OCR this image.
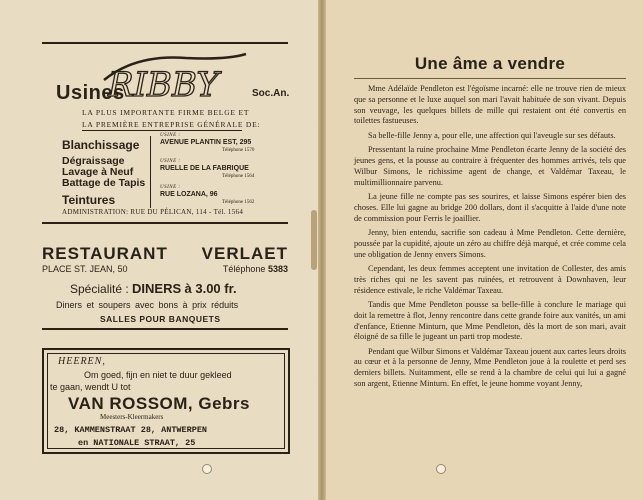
Usines
RIBBY	Soc.An.
LA PLUS IMPORTANTE FIRME BELGE ET
LA PREMIÈRE ENTREPRISE GÉNÉRALE DE:
Blanchissage
Dégraissage
Lavage à Neuf
Battage de Tapis
Teintures
USINE :
AVENUE PLANTIN EST, 295
Téléphone 1570
USINE :
RUELLE DE LA FABRIQUE
Téléphone 1564
USINE :
RUE LOZANA, 96
Téléphone 1562
ADMINISTRATION: RUE DU PÉLICAN, 114 - Tél. 1564
RESTAURANT VERLAET
PLACE ST. JEAN, 50	Téléphone 5383
Spécialité : DINERS à 3.00 fr.
Diners et soupers avec bons à prix réduits
SALLES POUR BANQUETS
HEEREN,
Om goed, fijn en niet te duur gekleed
te gaan, wendt U tot
VAN ROSSOM, Gebrs
Meesters-Kleermakers
28, KAMMENSTRAAT 28, ANTWERPEN
en NATIONALE STRAAT, 25
Une âme a vendre

Mme Adélaïde Pendleton est l'égoïsme incarné: elle ne trouve rien de mieux que sa personne et le luxe auquel son mari l'avait habituée de son vivant. Depuis son veuvage, les quelques billets de mille qui restaient ont été convertis en toilettes fastueuses.

Sa belle-fille Jenny a, pour elle, une affection qui l'aveugle sur ses défauts.

Pressentant la ruine prochaine Mme Pendleton écarte Jenny de la société des jeunes gens, et la pousse au contraire à fréquenter des hommes arrivés, tels que Wilbur Simons, le richissime agent de change, et Valdémar Taxeau, le multimillionnaire parvenu.

La jeune fille ne compte pas ses sourires, et laisse Simons espérer bien des choses. Elle lui gagne au bridge 200 dollars, dont il s'acquitte à l'aide d'une note de commission pour Ferris le joaillier.

Jenny, bien entendu, sacrifie son cadeau à Mme Pendleton. Cette dernière, poussée par la cupidité, ajoute un zéro au chiffre déjà marqué, et crée comme cela une obligation de Jenny envers Simons.

Cependant, les deux femmes acceptent une invitation de Collester, des amis très riches qui ne les savent pas ruinées, et retrouvent à Downhaven, leur résidence estivale, le riche Valdémar Taxeau.

Tandis que Mme Pendleton pousse sa belle-fille à conclure le mariage qui doit la remettre à flot, Jenny rencontre dans cette grande foire aux vanités, un ami d'enfance, Etienne Minturn, que Mme Pendleton, dès la mort de son mari, avait éloigné de sa fille le jugeant un parti trop modeste.

Pendant que Wilbur Simons et Valdémar Taxeau jouent aux cartes leurs droits au cœur et à la personne de Jenny, Mme Pendleton joue à la roulette et perd ses derniers billets. Nuitamment, elle se rend à la chambre de celui qui lui a gagné son argent, Etienne Minturn. En effet, le jeune homme voyant Jenny,
